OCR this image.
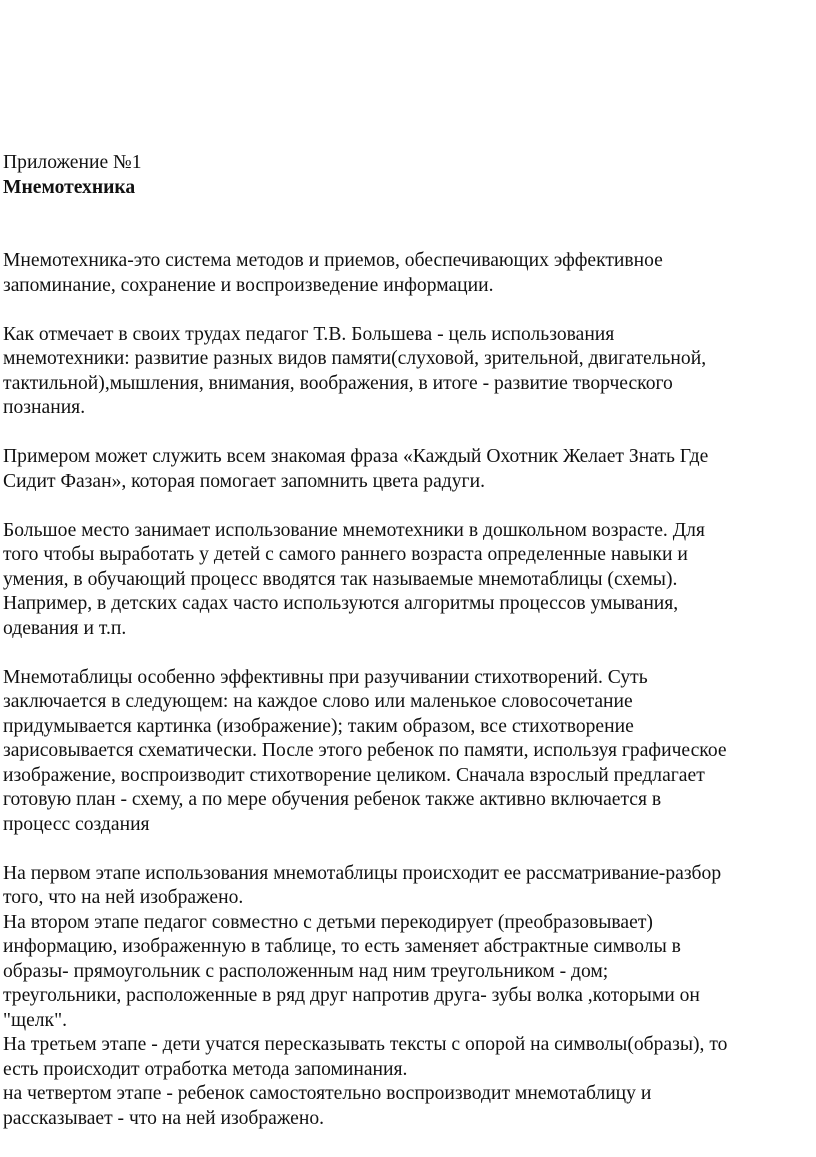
Приложение №1
Мнемотехника
Мнемотехника-это система методов и приемов, обеспечивающих эффективное
запоминание, сохранение и воспроизведение информации.
Как отмечает в своих трудах педагог Т.В. Большева - цель использования
мнемотехники: развитие разных видов памяти(слуховой, зрительной, двигательной,
тактильной),мышления, внимания, воображения, в итоге - развитие творческого
познания.
Примером может служить всем знакомая фраза «Каждый Охотник Желает Знать Где
Сидит Фазан», которая помогает запомнить цвета радуги.
Большое место занимает использование мнемотехники в дошкольном возрасте. Для
того чтобы выработать у детей с самого раннего возраста определенные навыки и
умения, в обучающий процесс вводятся так называемые мнемотаблицы (схемы).
Например, в детских садах часто используются алгоритмы процессов умывания,
одевания и т.п.
Мнемотаблицы особенно эффективны при разучивании стихотворений. Суть
заключается в следующем: на каждое слово или маленькое словосочетание
придумывается картинка (изображение); таким образом, все стихотворение
зарисовывается схематически. После этого ребенок по памяти, используя графическое
изображение, воспроизводит стихотворение целиком. Сначала взрослый предлагает
готовую план - схему, а по мере обучения ребенок также активно включается в
процесс создания
На первом этапе использования мнемотаблицы происходит ее рассматривание-разбор
того, что на ней изображено.
На втором этапе педагог совместно с детьми перекодирует (преобразовывает)
информацию, изображенную в таблице, то есть заменяет абстрактные символы в
образы- прямоугольник с расположенным над ним треугольником - дом;
треугольники, расположенные в ряд друг напротив друга- зубы волка ,которыми он
"щелк".
На третьем этапе - дети учатся пересказывать тексты с опорой на символы(образы), то
есть происходит отработка метода запоминания.
на четвертом этапе - ребенок самостоятельно воспроизводит мнемотаблицу и
рассказывает - что на ней изображено.
